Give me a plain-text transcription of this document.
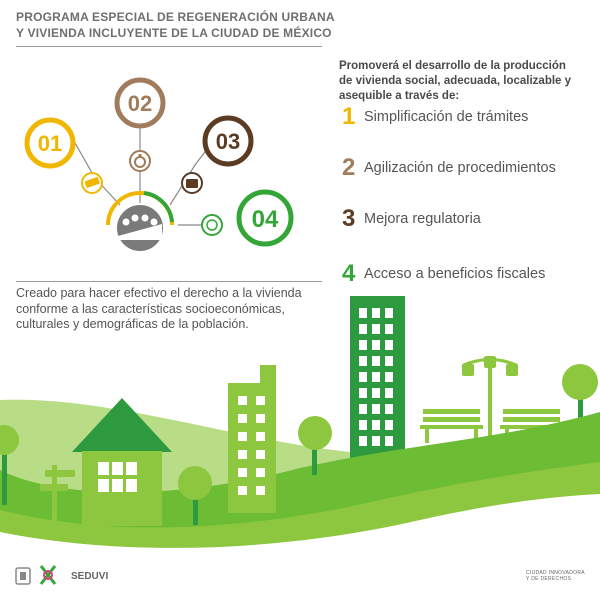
01
02
03
04
PROGRAMA ESPECIAL DE REGENERACIÓN URBANA
Y VIVIENDA INCLUYENTE DE LA CIUDAD DE MÉXICO
Promoverá el desarrollo de la producción
de vivienda social, adecuada, localizable y
asequible a través de:
1 Simplificación de trámites
2 Agilización de procedimientos
3 Mejora regulatoria
4 Acceso a beneficios fiscales
Creado para hacer efectivo el derecho a la vivienda
conforme a las características socioeconómicas,
culturales y demográficas de la población.
SEDUVI	CIUDAD INNOVADORA
Y DE DERECHOS
